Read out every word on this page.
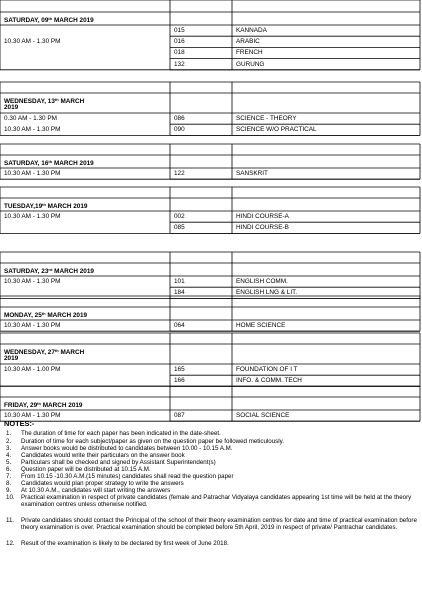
SATURDAY, 09th MARCH 2019
015	KANNADA
10.30 AM - 1.30 PM	016	ARABIC
018	FRENCH
132	GURUNG
WEDNESDAY, 13th MARCH
2019
0.30 AM - 1.30 PM	086	SCIENCE - THEORY
10.30 AM - 1.30 PM	090	SCIENCE W/O PRACTICAL
SATURDAY, 16th MARCH 2019
10.30 AM - 1.30 PM	122	SANSKRIT
TUESDAY,19th MARCH 2019
10.30 AM - 1.30 PM	002	HINDI COURSE-A
085	HINDI COURSE-B
SATURDAY, 23rd MARCH 2019
10.30 AM - 1.30 PM	101	ENGLISH COMM.
184	ENGLISH LNG & LIT.
MONDAY, 25th MARCH 2019
10.30 AM - 1.30 PM	064	HOME SCIENCE
WEDNESDAY, 27th MARCH
2019
10.30 AM - 1.00 PM	165	FOUNDATION OF I T
166	INFO. & COMM. TECH
FRIDAY, 29th MARCH 2019
10.30 AM - 1.30 PM	087	SOCIAL SCIENCE
NOTES:-
1. The duration of time for each paper has been indicated in the date-sheet.
2. Duration of time for each subject/paper as given on the question paper be followed meticulously.
3. Answer books would be distributed to candidates between 10.00 - 10.15 A.M.
4. Candidates would write their particulars on the answer book
5. Particulars shall be checked and signed by Assistant Superintendent(s)
6. Question paper will be distributed at 10.15 A.M.
7. From 10.15 -10.30 A.M.(15 minutes) candidates shall read the question paper
8. Candidates would plan proper strategy to write the answers
9. At 10.30 A.M., candidates will start writing the answers
10. Practical examination in respect of private candidates (female and Patrachar Vidyalaya candidates appearing 1st time will be held at the theory examination centres unless otherwise notified.
11. Private candidates should contact the Principal of the school of their theory examination centres for date and time of practical examination before theory examination is over. Practical examination should be completed before 5th April, 2019 in respect of private/ Pantrachar candidates.
12. Result of the examination is likely to be declared by first week of June 2018.
